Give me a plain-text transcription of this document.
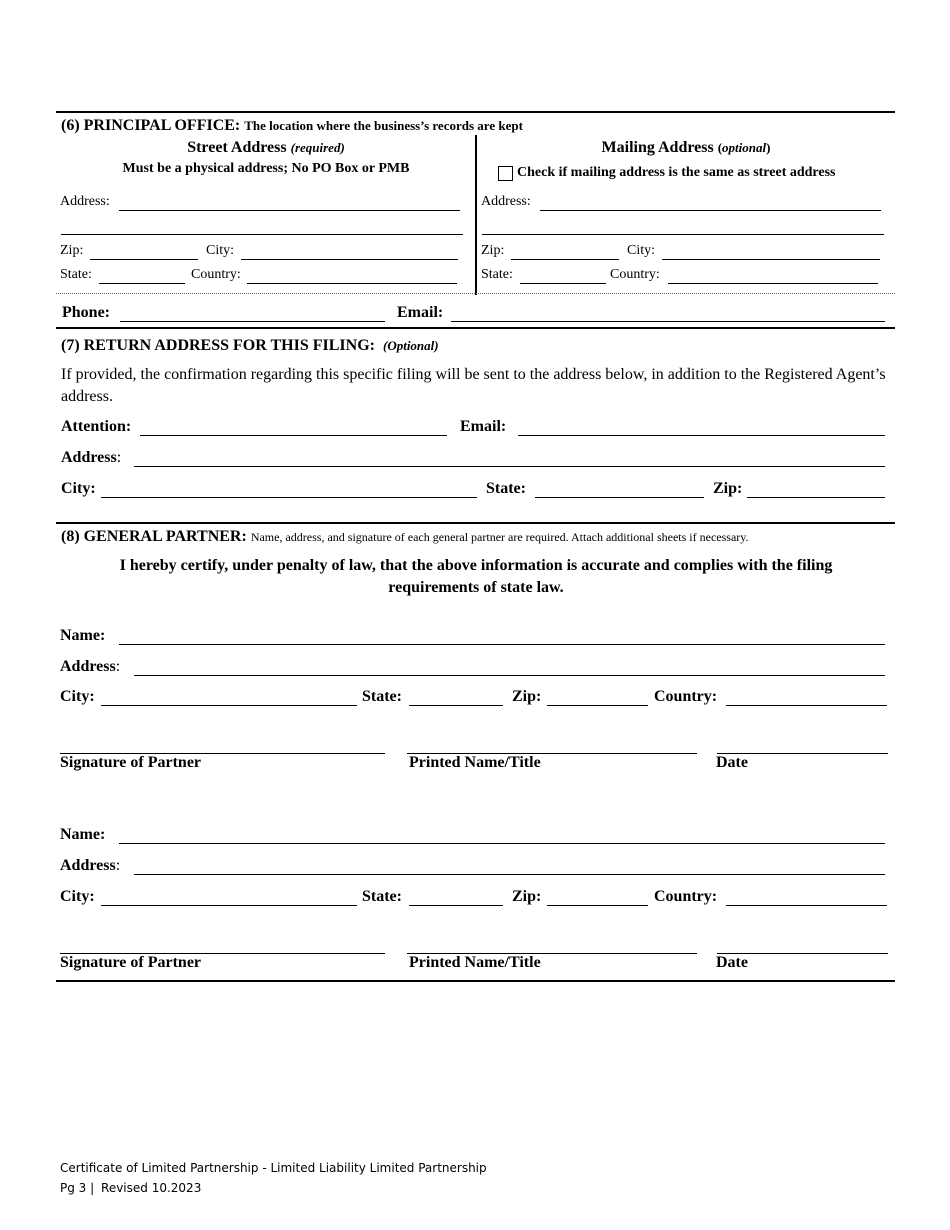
(6) PRINCIPAL OFFICE: The location where the business’s records are kept
Street Address (required)
Must be a physical address; No PO Box or PMB
Address:
Zip:	City:
State:	Country:
Mailing Address (optional)
Check if mailing address is the same as street address
Address:
Zip:	City:
State:	Country:
Phone:	Email:
(7) RETURN ADDRESS FOR THIS FILING: (Optional)
If provided, the confirmation regarding this specific filing will be sent to the address below, in addition to the Registered Agent’s address.
Attention:	Email:
Address:
City:	State:	Zip:
(8) GENERAL PARTNER: Name, address, and signature of each general partner are required. Attach additional sheets if necessary.
I hereby certify, under penalty of law, that the above information is accurate and complies with the filing requirements of state law.
Name:
Address:
City:	State:	Zip:	Country:
Signature of Partner	Printed Name/Title	Date
Name:
Address:
City:	State:	Zip:	Country:
Signature of Partner	Printed Name/Title	Date
Certificate of Limited Partnership - Limited Liability Limited Partnership
Pg 3 | Revised 10.2023
